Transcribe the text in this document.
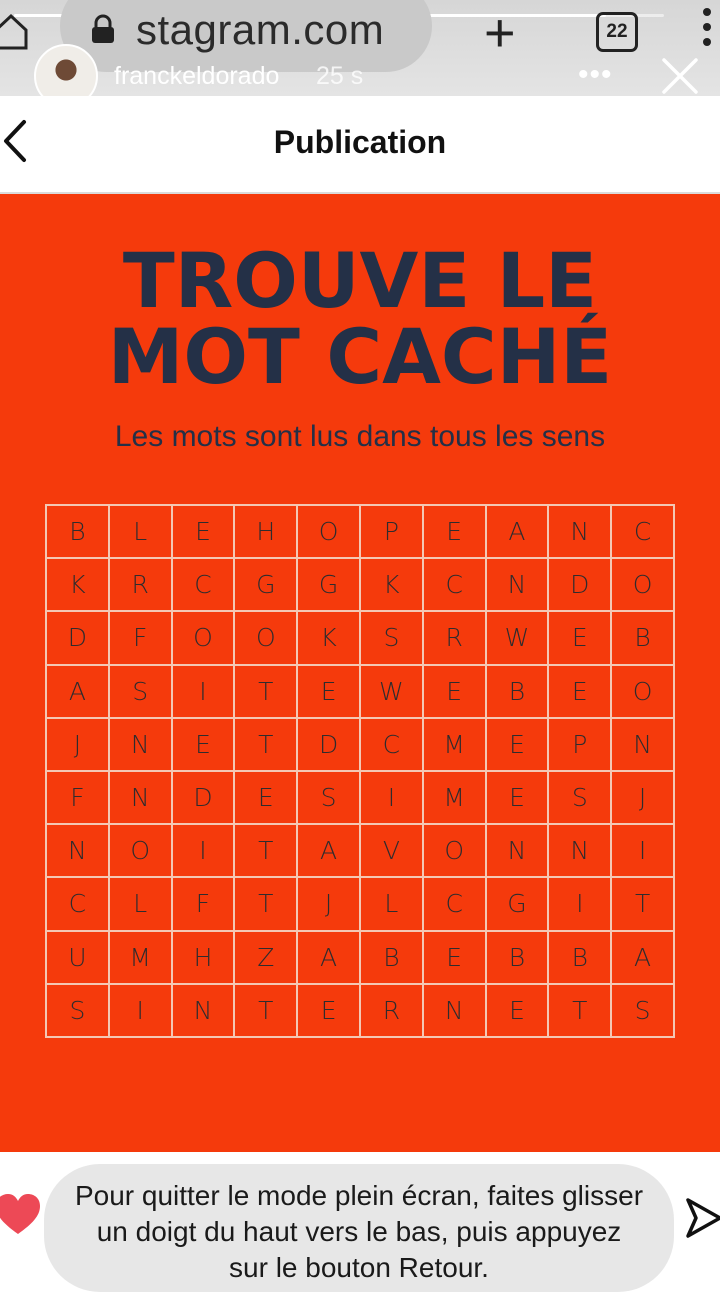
stagram.com +	22
franckeldorado 25 s	•••
Publication
TROUVE LE
MOT CACHÉ
Les mots sont lus dans tous les sens
B	L	E	H	O	P	E	A	N	C
K	R	C	G	G	K	C	N	D	O
D	F	O	O	K	S	R	W	E	B
A	S	I	T	E	W	E	B	E	O
J	N	E	T	D	C	M	E	P	N
F	N	D	E	S	I	M	E	S	J
N	O	I	T	A	V	O	N	N	I
C	L	F	T	J	L	C	G	I	T
U	M	H	Z	A	B	E	B	B	A
S	I	N	T	E	R	N	E	T	S
Pour quitter le mode plein écran, faites glisser un doigt du haut vers le bas, puis appuyez sur le bouton Retour.
